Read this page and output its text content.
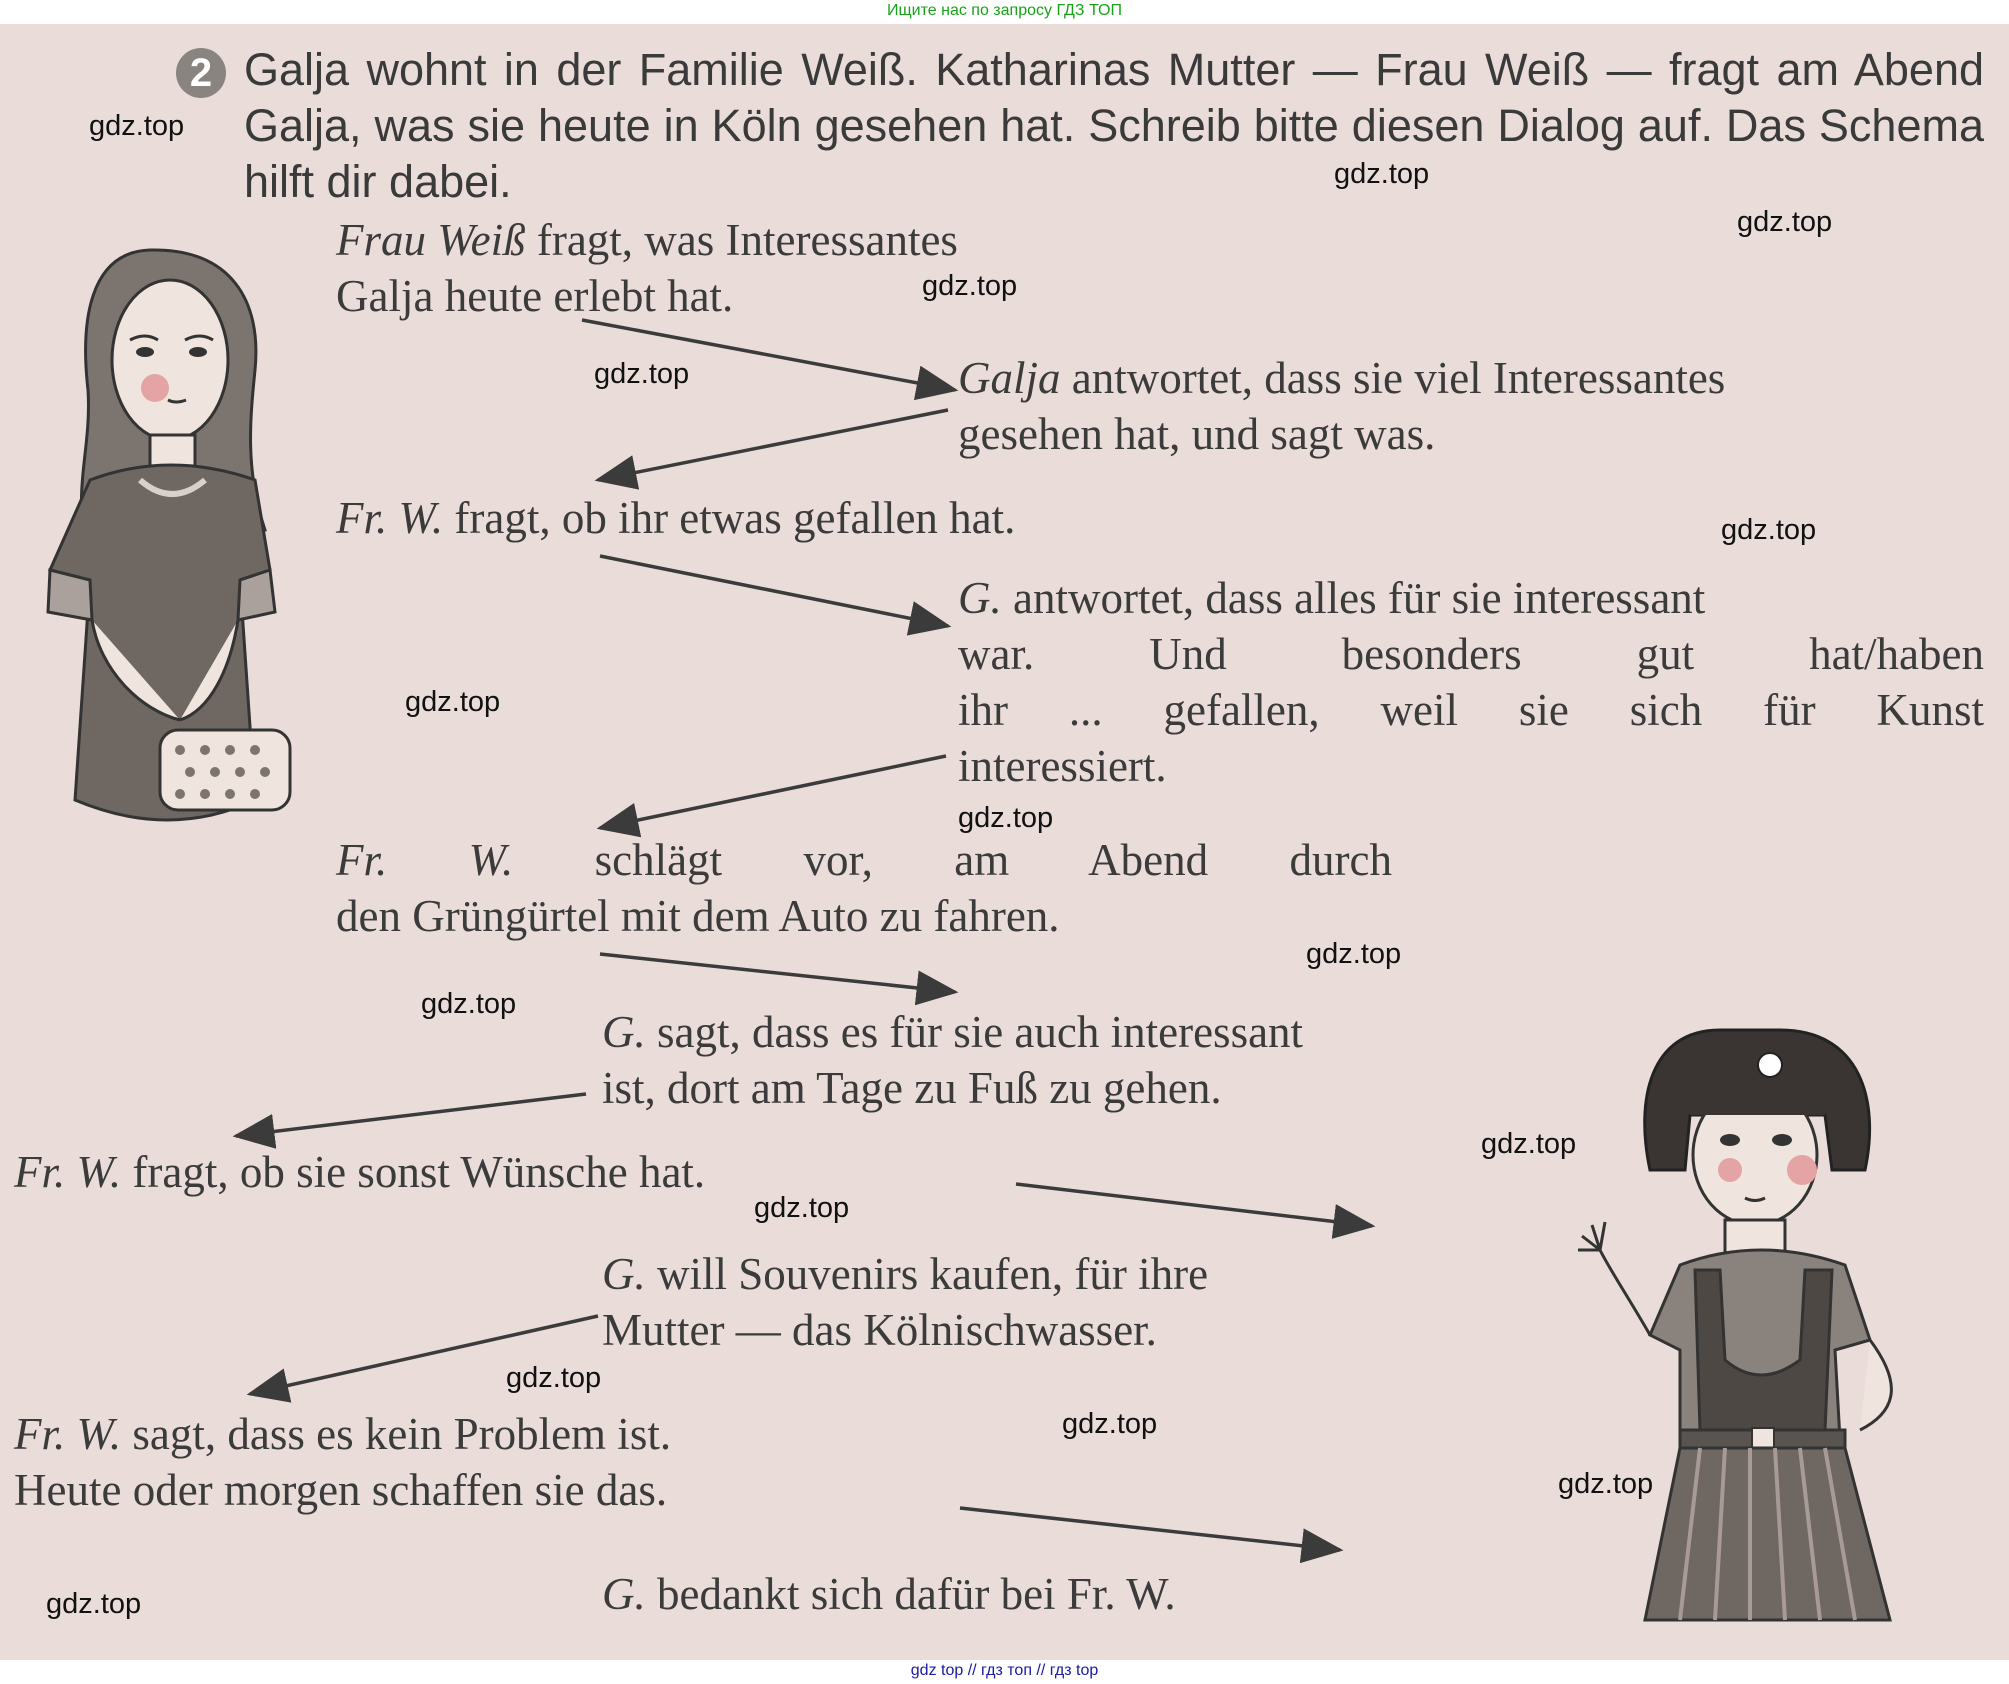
Ищите нас по запросу ГДЗ ТОП
2 Galja wohnt in der Familie Weiß. Katharinas Mutter — Frau Weiß — fragt am Abend Galja, was sie heute in Köln gesehen hat. Schreib bitte diesen Dialog auf. Das Schema hilft dir dabei.
Frau Weiß fragt, was Interessantes
Galja heute erlebt hat.
Galja antwortet, dass sie viel Interessantes
gesehen hat, und sagt was.
Fr. W. fragt, ob ihr etwas gefallen hat.
G. antwortet, dass alles für sie interessant
war. Und besonders gut hat/haben
ihr ... gefallen, weil sie sich für Kunst
interessiert.
Fr. W. schlägt vor, am Abend durch
den Grüngürtel mit dem Auto zu fahren.
G. sagt, dass es für sie auch interessant
ist, dort am Tage zu Fuß zu gehen.
Fr. W. fragt, ob sie sonst Wünsche hat.
G. will Souvenirs kaufen, für ihre
Mutter — das Kölnischwasser.
Fr. W. sagt, dass es kein Problem ist.
Heute oder morgen schaffen sie das.
G. bedankt sich dafür bei Fr. W.
gdz.top
gdz.top
gdz.top
gdz.top
gdz.top
gdz.top
gdz.top
gdz.top
gdz.top
gdz.top
gdz.top
gdz.top
gdz.top
gdz.top
gdz.top
gdz.top
gdz top // гдз топ // гдз top
